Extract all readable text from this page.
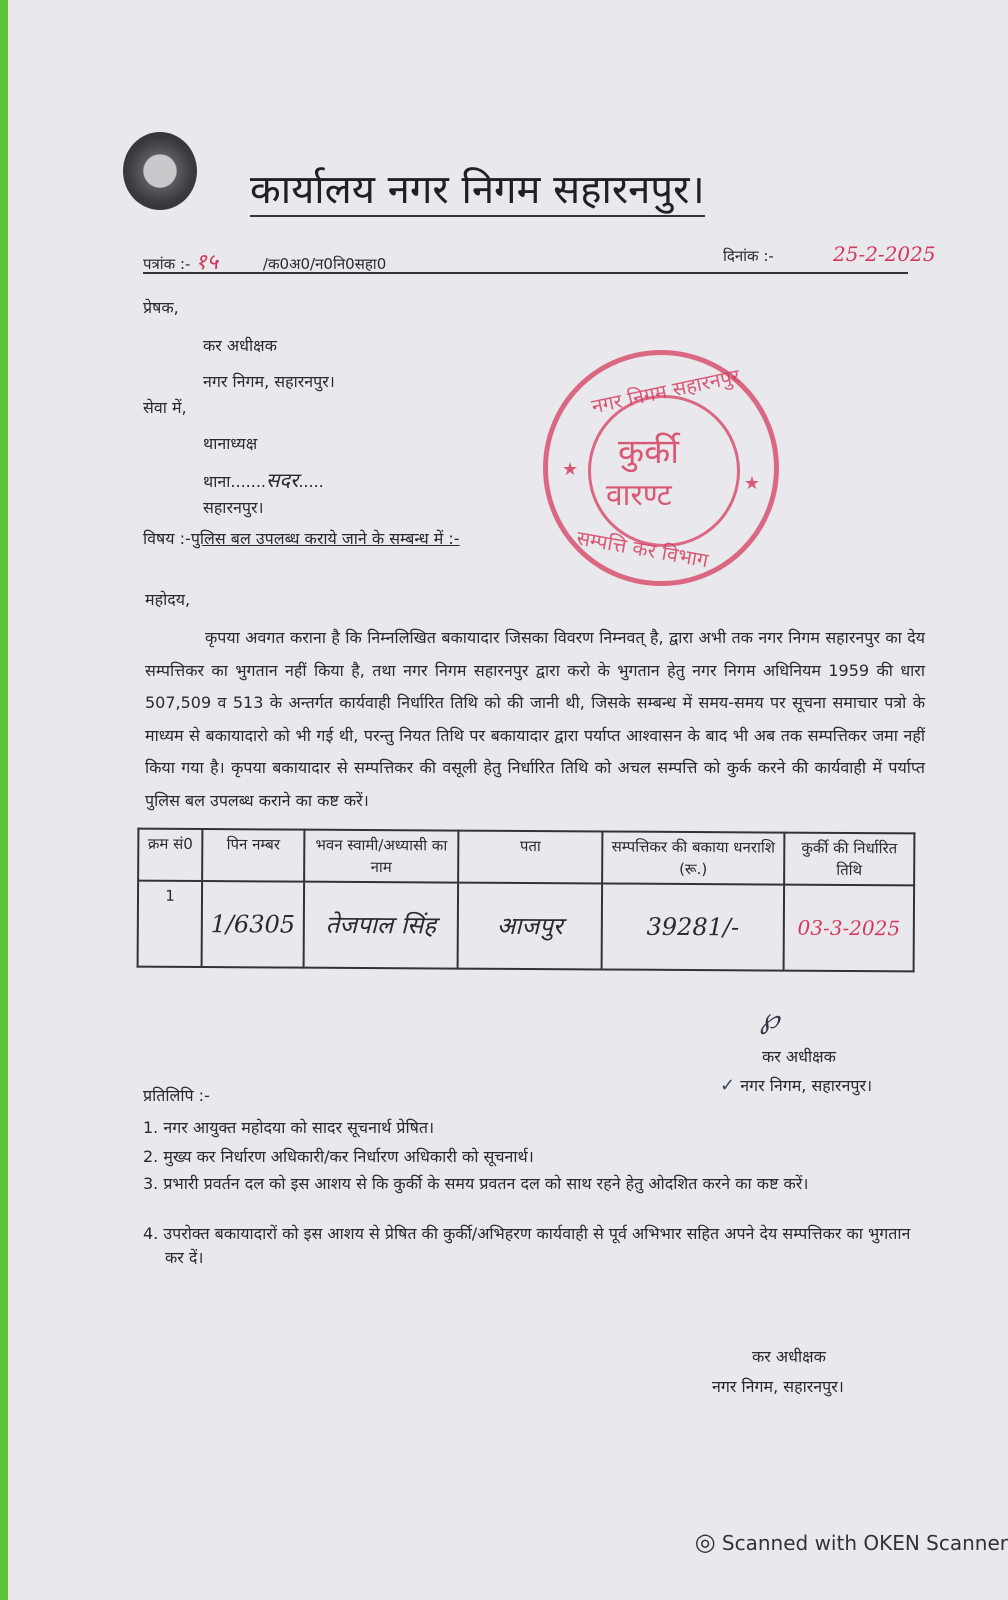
कार्यालय नगर निगम सहारनपुर।
पत्रांक :- १५	/क0अ0/न0नि0सहा0	दिनांक :-	25-2-2025
प्रेषक,
कर अधीक्षक
नगर निगम, सहारनपुर।
सेवा में,
थानाध्यक्ष
थाना.......सदर.....
सहारनपुर।
विषय :-पुलिस बल उपलब्ध कराये जाने के सम्बन्ध में :-
नगर निगम सहारनपुर
कुर्की
वारण्ट
सम्पत्ति कर विभाग
★
★
महोदय,
कृपया अवगत कराना है कि निम्नलिखित बकायादार जिसका विवरण निम्नवत् है, द्वारा अभी तक नगर निगम सहारनपुर का देय सम्पत्तिकर का भुगतान नहीं किया है, तथा नगर निगम सहारनपुर द्वारा करो के भुगतान हेतु नगर निगम अधिनियम 1959 की धारा 507,509 व 513 के अन्तर्गत कार्यवाही निर्धारित तिथि को की जानी थी, जिसके सम्बन्ध में समय-समय पर सूचना समाचार पत्रो के माध्यम से बकायादारो को भी गई थी, परन्तु नियत तिथि पर बकायादार द्वारा पर्याप्त आश्वासन के बाद भी अब तक सम्पत्तिकर जमा नहीं किया गया है। कृपया बकायादार से सम्पत्तिकर की वसूली हेतु निर्धारित तिथि को अचल सम्पत्ति को कुर्क करने की कार्यवाही में पर्याप्त पुलिस बल उपलब्ध कराने का कष्ट करें।
क्रम सं0	पिन नम्बर	भवन स्वामी/अध्यासी का नाम	पता	सम्पत्तिकर की बकाया धनराशि (रू.)	कुर्की की निर्धारित तिथि
1	1/6305	तेजपाल सिंह	आजपुर	39281/-	03-3-2025
℘
कर अधीक्षक
✓ नगर निगम, सहारनपुर।
प्रतिलिपि :-
1. नगर आयुक्त महोदया को सादर सूचनार्थ प्रेषित।
2. मुख्य कर निर्धारण अधिकारी/कर निर्धारण अधिकारी को सूचनार्थ।
3. प्रभारी प्रवर्तन दल को इस आशय से कि कुर्की के समय प्रवतन दल को साथ रहने हेतु ओदशित करने का कष्ट करें।
4. उपरोक्त बकायादारों को इस आशय से प्रेषित की कुर्की/अभिहरण कार्यवाही से पूर्व अभिभार सहित अपने देय सम्पत्तिकर का भुगतान कर दें।
कर अधीक्षक
नगर निगम, सहारनपुर।
◎ Scanned with OKEN Scanner
